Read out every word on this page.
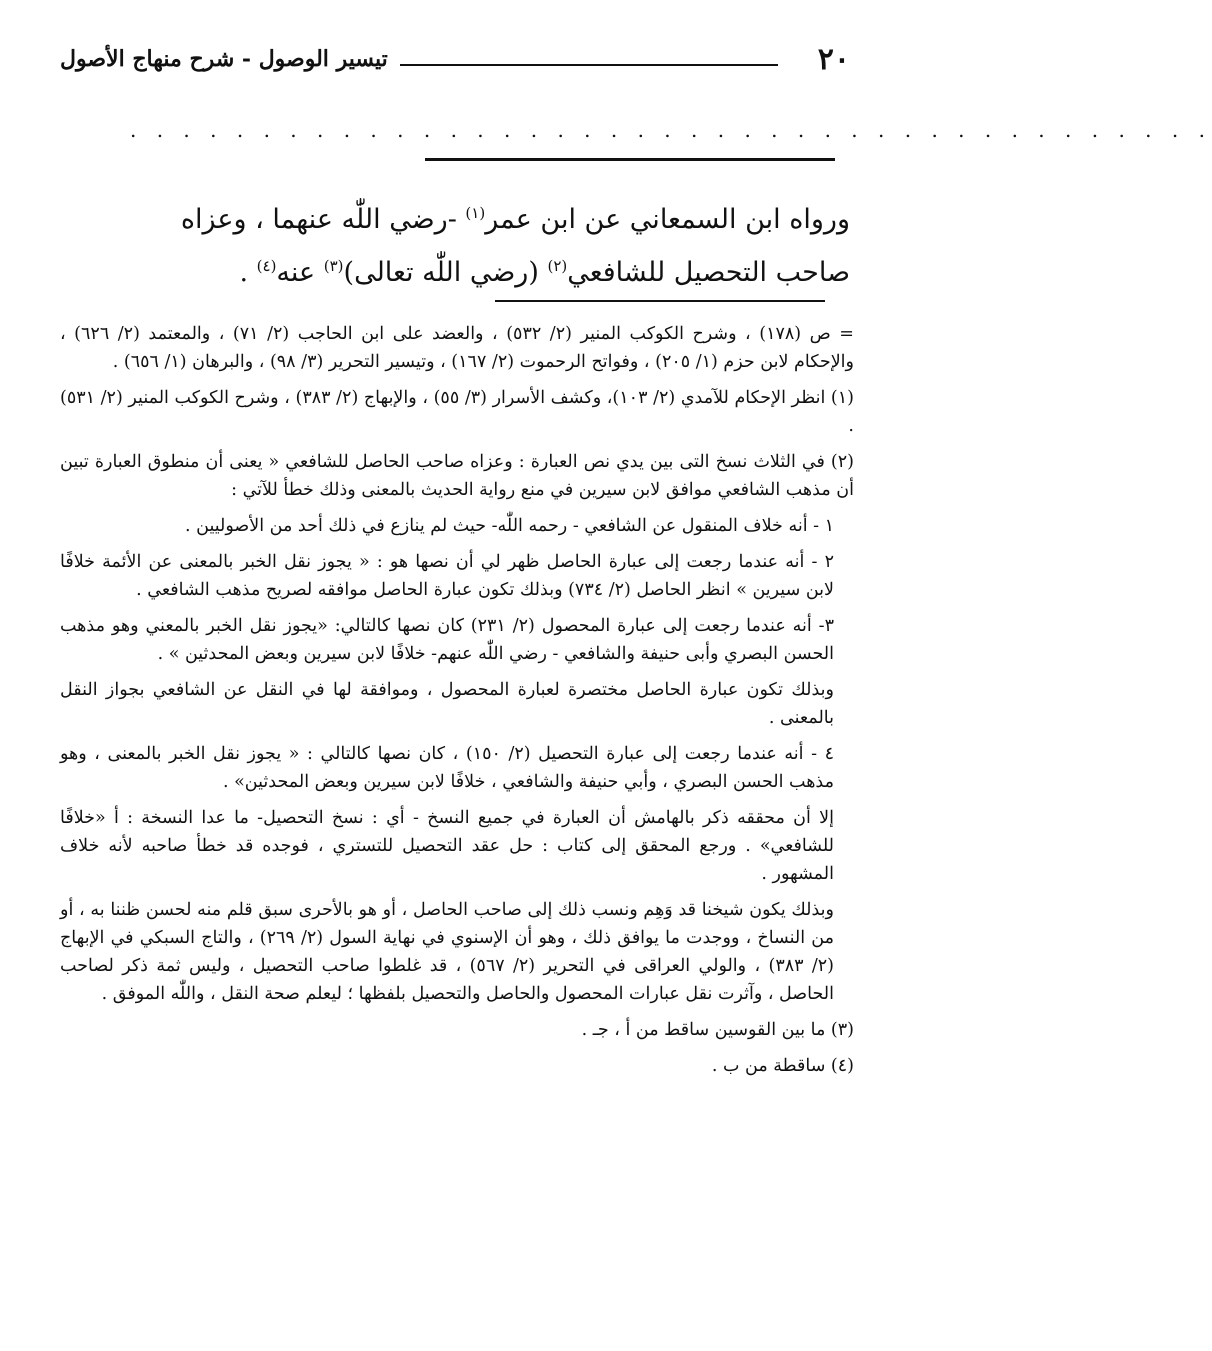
٢٠
تيسير الوصول - شرح منهاج الأصول
. . . . . . . . . . . . . . . . . . . . . . . . . . . . . . . . . . . . . . . . .

ورواه ابن السمعاني عن ابن عمر$^{(١)}$ -رضي اللّٰه عنهما ، وعزاه

صاحب التحصيل للشافعي$^{(٢)}$ (رضي اللّٰه تعالى)$^{(٣)}$ عنه$^{(٤)}$ .

= ص (١٧٨) ، وشرح الكوكب المنير (٢/ ٥٣٢) ، والعضد على ابن الحاجب (٢/ ٧١) ، والمعتمد (٢/ ٦٢٦) ، والإحكام لابن حزم (١/ ٢٠٥) ، وفواتح الرحموت (٢/ ١٦٧) ، وتيسير التحرير (٣/ ٩٨) ، والبرهان (١/ ٦٥٦) .

(١) انظر الإحكام للآمدي (٢/ ١٠٣)، وكشف الأسرار (٣/ ٥٥) ، والإبهاج (٢/ ٣٨٣) ، وشرح الكوكب المنير (٢/ ٥٣١) .

(٢) في الثلاث نسخ التى بين يدي نص العبارة : وعزاه صاحب الحاصل للشافعي « يعنى أن منطوق العبارة تبين أن مذهب الشافعي موافق لابن سيرين في منع رواية الحديث بالمعنى وذلك خطأ للآتي :

١ - أنه خلاف المنقول عن الشافعي - رحمه اللّٰه- حيث لم ينازع في ذلك أحد من الأصوليين .

٢ - أنه عندما رجعت إلى عبارة الحاصل ظهر لي أن نصها هو : « يجوز نقل الخبر بالمعنى عن الأئمة خلافًا لابن سيرين » انظر الحاصل (٢/ ٧٣٤) وبذلك تكون عبارة الحاصل موافقه لصريح مذهب الشافعي .

٣- أنه عندما رجعت إلى عبارة المحصول (٢/ ٢٣١) كان نصها كالتالي: «يجوز نقل الخبر بالمعني وهو مذهب الحسن البصري وأبى حنيفة والشافعي - رضي اللّٰه عنهم- خلافًا لابن سيرين وبعض المحدثين » .

وبذلك تكون عبارة الحاصل مختصرة لعبارة المحصول ، وموافقة لها في النقل عن الشافعي بجواز النقل بالمعنى .

٤ - أنه عندما رجعت إلى عبارة التحصيل (٢/ ١٥٠) ، كان نصها كالتالي : « يجوز نقل الخبر بالمعنى ، وهو مذهب الحسن البصري ، وأبي حنيفة والشافعي ، خلافًا لابن سيرين وبعض المحدثين» .

إلا أن محققه ذكر بالهامش أن العبارة في جميع النسخ - أي : نسخ التحصيل- ما عدا النسخة : أ «خلافًا للشافعي» . ورجع المحقق إلى كتاب : حل عقد التحصيل للتستري ، فوجده قد خطأ صاحبه لأنه خلاف المشهور .

وبذلك يكون شيخنا قد وَهِم ونسب ذلك إلى صاحب الحاصل ، أو هو بالأحرى سبق قلم منه لحسن ظننا به ، أو من النساخ ، ووجدت ما يوافق ذلك ، وهو أن الإسنوي في نهاية السول (٢/ ٢٦٩) ، والتاج السبكي في الإبهاج (٢/ ٣٨٣) ، والولي العراقى في التحرير (٢/ ٥٦٧) ، قد غلطوا صاحب التحصيل ، وليس ثمة ذكر لصاحب الحاصل ، وآثرت نقل عبارات المحصول والحاصل والتحصيل بلفظها ؛ ليعلم صحة النقل ، واللّٰه الموفق .

(٣) ما بين القوسين ساقط من أ ، جـ .

(٤) ساقطة من ب .
